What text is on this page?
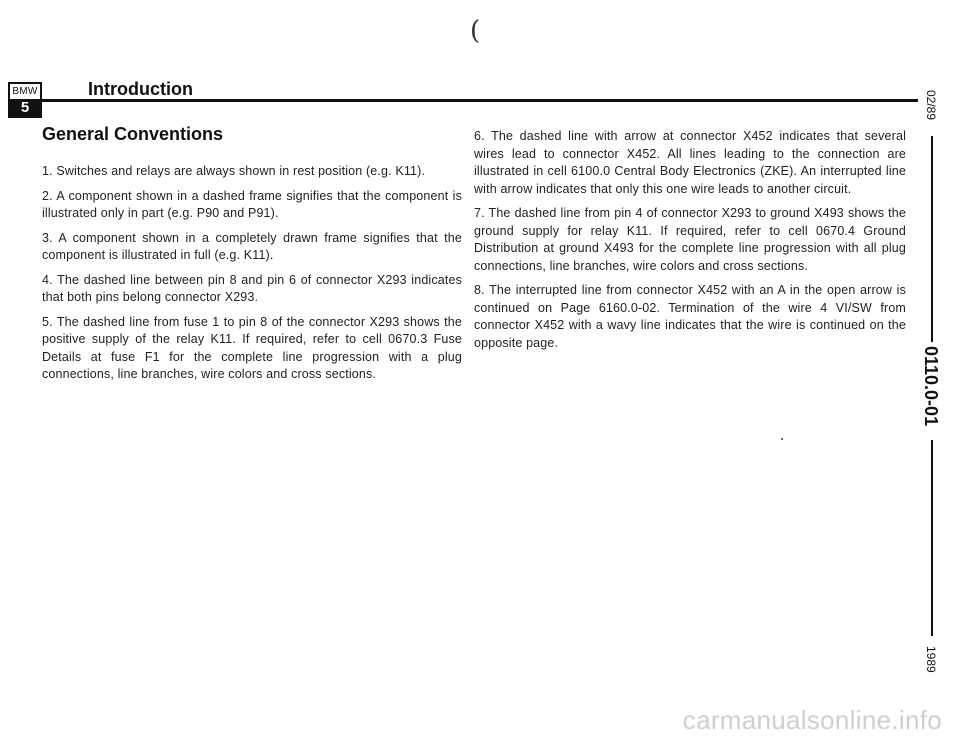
(
BMW
5
Introduction
General Conventions

1. Switches and relays are always shown in rest position (e.g. K11).

2. A component shown in a dashed frame signifies that the component is illustrated only in part (e.g. P90 and P91).

3. A component shown in a completely drawn frame signifies that the component is illustrated in full (e.g. K11).

4. The dashed line between pin 8 and pin 6 of connector X293 indicates that both pins belong connector X293.

5. The dashed line from fuse 1 to pin 8 of the connector X293 shows the positive supply of the relay K11. If required, refer to cell 0670.3 Fuse Details at fuse F1 for the complete line progression with a plug connections, line branches, wire colors and cross sections.

6. The dashed line with arrow at connector X452 indicates that several wires lead to connector X452. All lines leading to the connection are illustrated in cell 6100.0 Central Body Electronics (ZKE). An interrupted line with arrow indicates that only this one wire leads to another circuit.

7. The dashed line from pin 4 of connector X293 to ground X493 shows the ground supply for relay K11. If required, refer to cell 0670.4 Ground Distribution at ground X493 for the complete line progression with all plug connections, line branches, wire colors and cross sections.

8. The interrupted line from connector X452 with an A in the open arrow is continued on Page 6160.0-02. Termination of the wire 4 VI/SW from connector X452 with a wavy line indicates that the wire is continued on the opposite page.

02/89
0110.0-01
1989
carmanualsonline.info
